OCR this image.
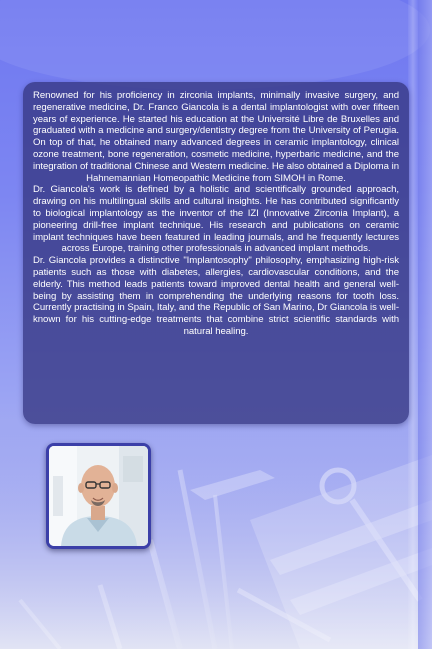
Renowned for his proficiency in zirconia implants, minimally invasive surgery, and regenerative medicine, Dr. Franco Giancola is a dental implantologist with over fifteen years of experience. He started his education at the Université Libre de Bruxelles and graduated with a medicine and surgery/dentistry degree from the University of Perugia. On top of that, he obtained many advanced degrees in ceramic implantology, clinical ozone treatment, bone regeneration, cosmetic medicine, hyperbaric medicine, and the integration of traditional Chinese and Western medicine. He also obtained a Diploma in Hahnemannian Homeopathic Medicine from SIMOH in Rome.

Dr. Giancola's work is defined by a holistic and scientifically grounded approach, drawing on his multilingual skills and cultural insights. He has contributed significantly to biological implantology as the inventor of the IZI (Innovative Zirconia Implant), a pioneering drill-free implant technique. His research and publications on ceramic implant techniques have been featured in leading journals, and he frequently lectures across Europe, training other professionals in advanced implant methods.

Dr. Giancola provides a distinctive "Implantosophy" philosophy, emphasizing high-risk patients such as those with diabetes, allergies, cardiovascular conditions, and the elderly. This method leads patients toward improved dental health and general well-being by assisting them in comprehending the underlying reasons for tooth loss. Currently practising in Spain, Italy, and the Republic of San Marino, Dr Giancola is well-known for his cutting-edge treatments that combine strict scientific standards with natural healing.
